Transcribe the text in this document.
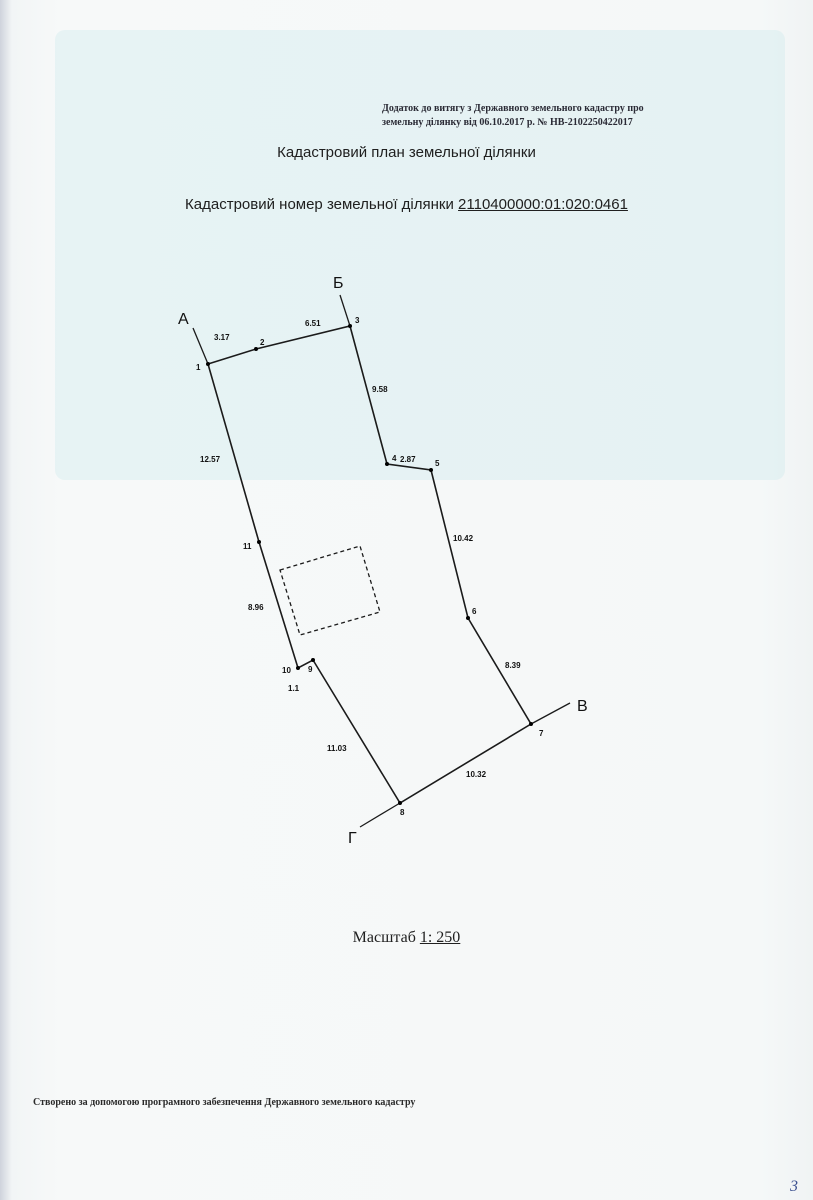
Додаток до витягу з Державного земельного кадастру про
земельну ділянку від 06.10.2017 р. № НВ-2102250422017
Кадастровий план земельної ділянки
Кадастровий номер земельної ділянки 2110400000:01:020:0461
1
2
3
4
5
6
7
8
9
10
11
3.17
6.51
9.58
2.87
10.42
8.39
10.32
11.03
1.1
8.96
12.57
А
Б
В
Г
Масштаб 1: 250
Створено за допомогою програмного забезпечення Державного земельного кадастру
3
